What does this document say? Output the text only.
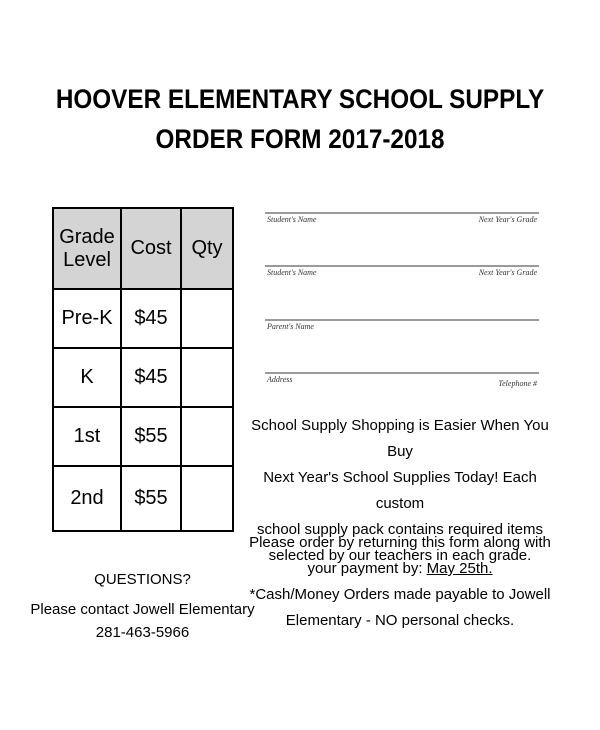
HOOVER ELEMENTARY SCHOOL SUPPLY
ORDER FORM 2017-2018
Grade
Level	Cost	Qty
Pre-K	$45	
K	$45	
1st	$55	
2nd	$55	
QUESTIONS?
Please contact Jowell Elementary
281-463-5966
Student's Name	Next Year's Grade
Student's Name	Next Year's Grade
Parent's Name
Address	Telephone #
School Supply Shopping is Easier When You Buy
Next Year's School Supplies Today! Each custom
school supply pack contains required items
selected by our teachers in each grade.
Please order by returning this form along with
your payment by: May 25th.
*Cash/Money Orders made payable to Jowell
Elementary - NO personal checks.
